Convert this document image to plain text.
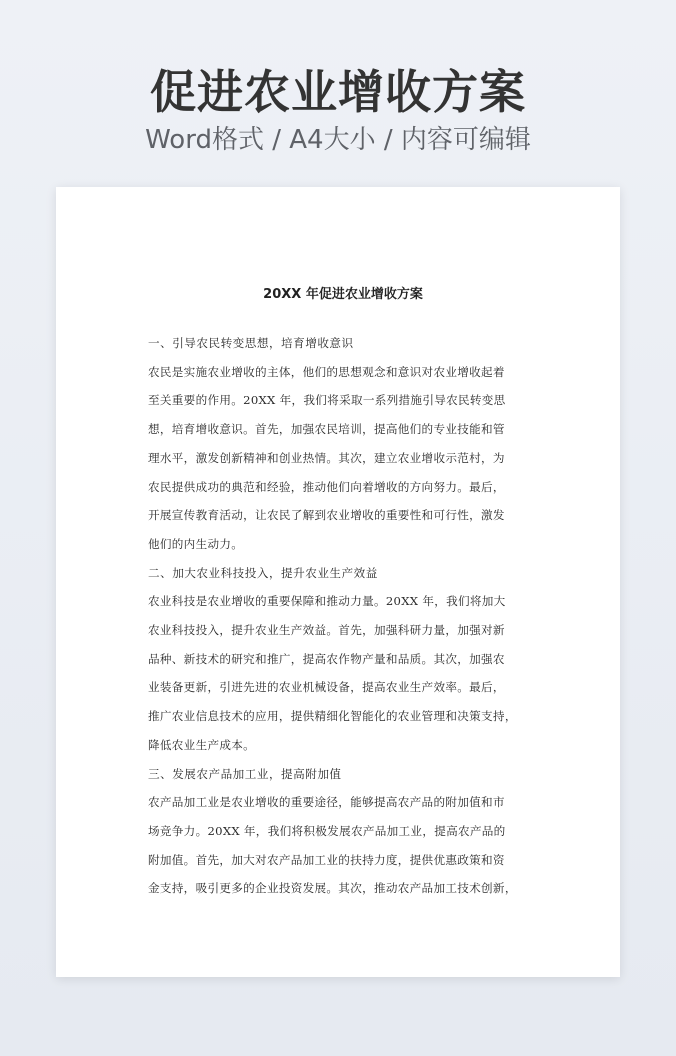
促进农业增收方案
Word格式 / A4大小 / 内容可编辑
20XX 年促进农业增收方案
一、引导农民转变思想，培育增收意识
农民是实施农业增收的主体，他们的思想观念和意识对农业增收起着
至关重要的作用。20XX 年，我们将采取一系列措施引导农民转变思
想，培育增收意识。首先，加强农民培训，提高他们的专业技能和管
理水平，激发创新精神和创业热情。其次，建立农业增收示范村，为
农民提供成功的典范和经验，推动他们向着增收的方向努力。最后，
开展宣传教育活动，让农民了解到农业增收的重要性和可行性，激发
他们的内生动力。
二、加大农业科技投入，提升农业生产效益
农业科技是农业增收的重要保障和推动力量。20XX 年，我们将加大
农业科技投入，提升农业生产效益。首先，加强科研力量，加强对新
品种、新技术的研究和推广，提高农作物产量和品质。其次，加强农
业装备更新，引进先进的农业机械设备，提高农业生产效率。最后，
推广农业信息技术的应用，提供精细化智能化的农业管理和决策支持，
降低农业生产成本。
三、发展农产品加工业，提高附加值
农产品加工业是农业增收的重要途径，能够提高农产品的附加值和市
场竞争力。20XX 年，我们将积极发展农产品加工业，提高农产品的
附加值。首先，加大对农产品加工业的扶持力度，提供优惠政策和资
金支持，吸引更多的企业投资发展。其次，推动农产品加工技术创新，
